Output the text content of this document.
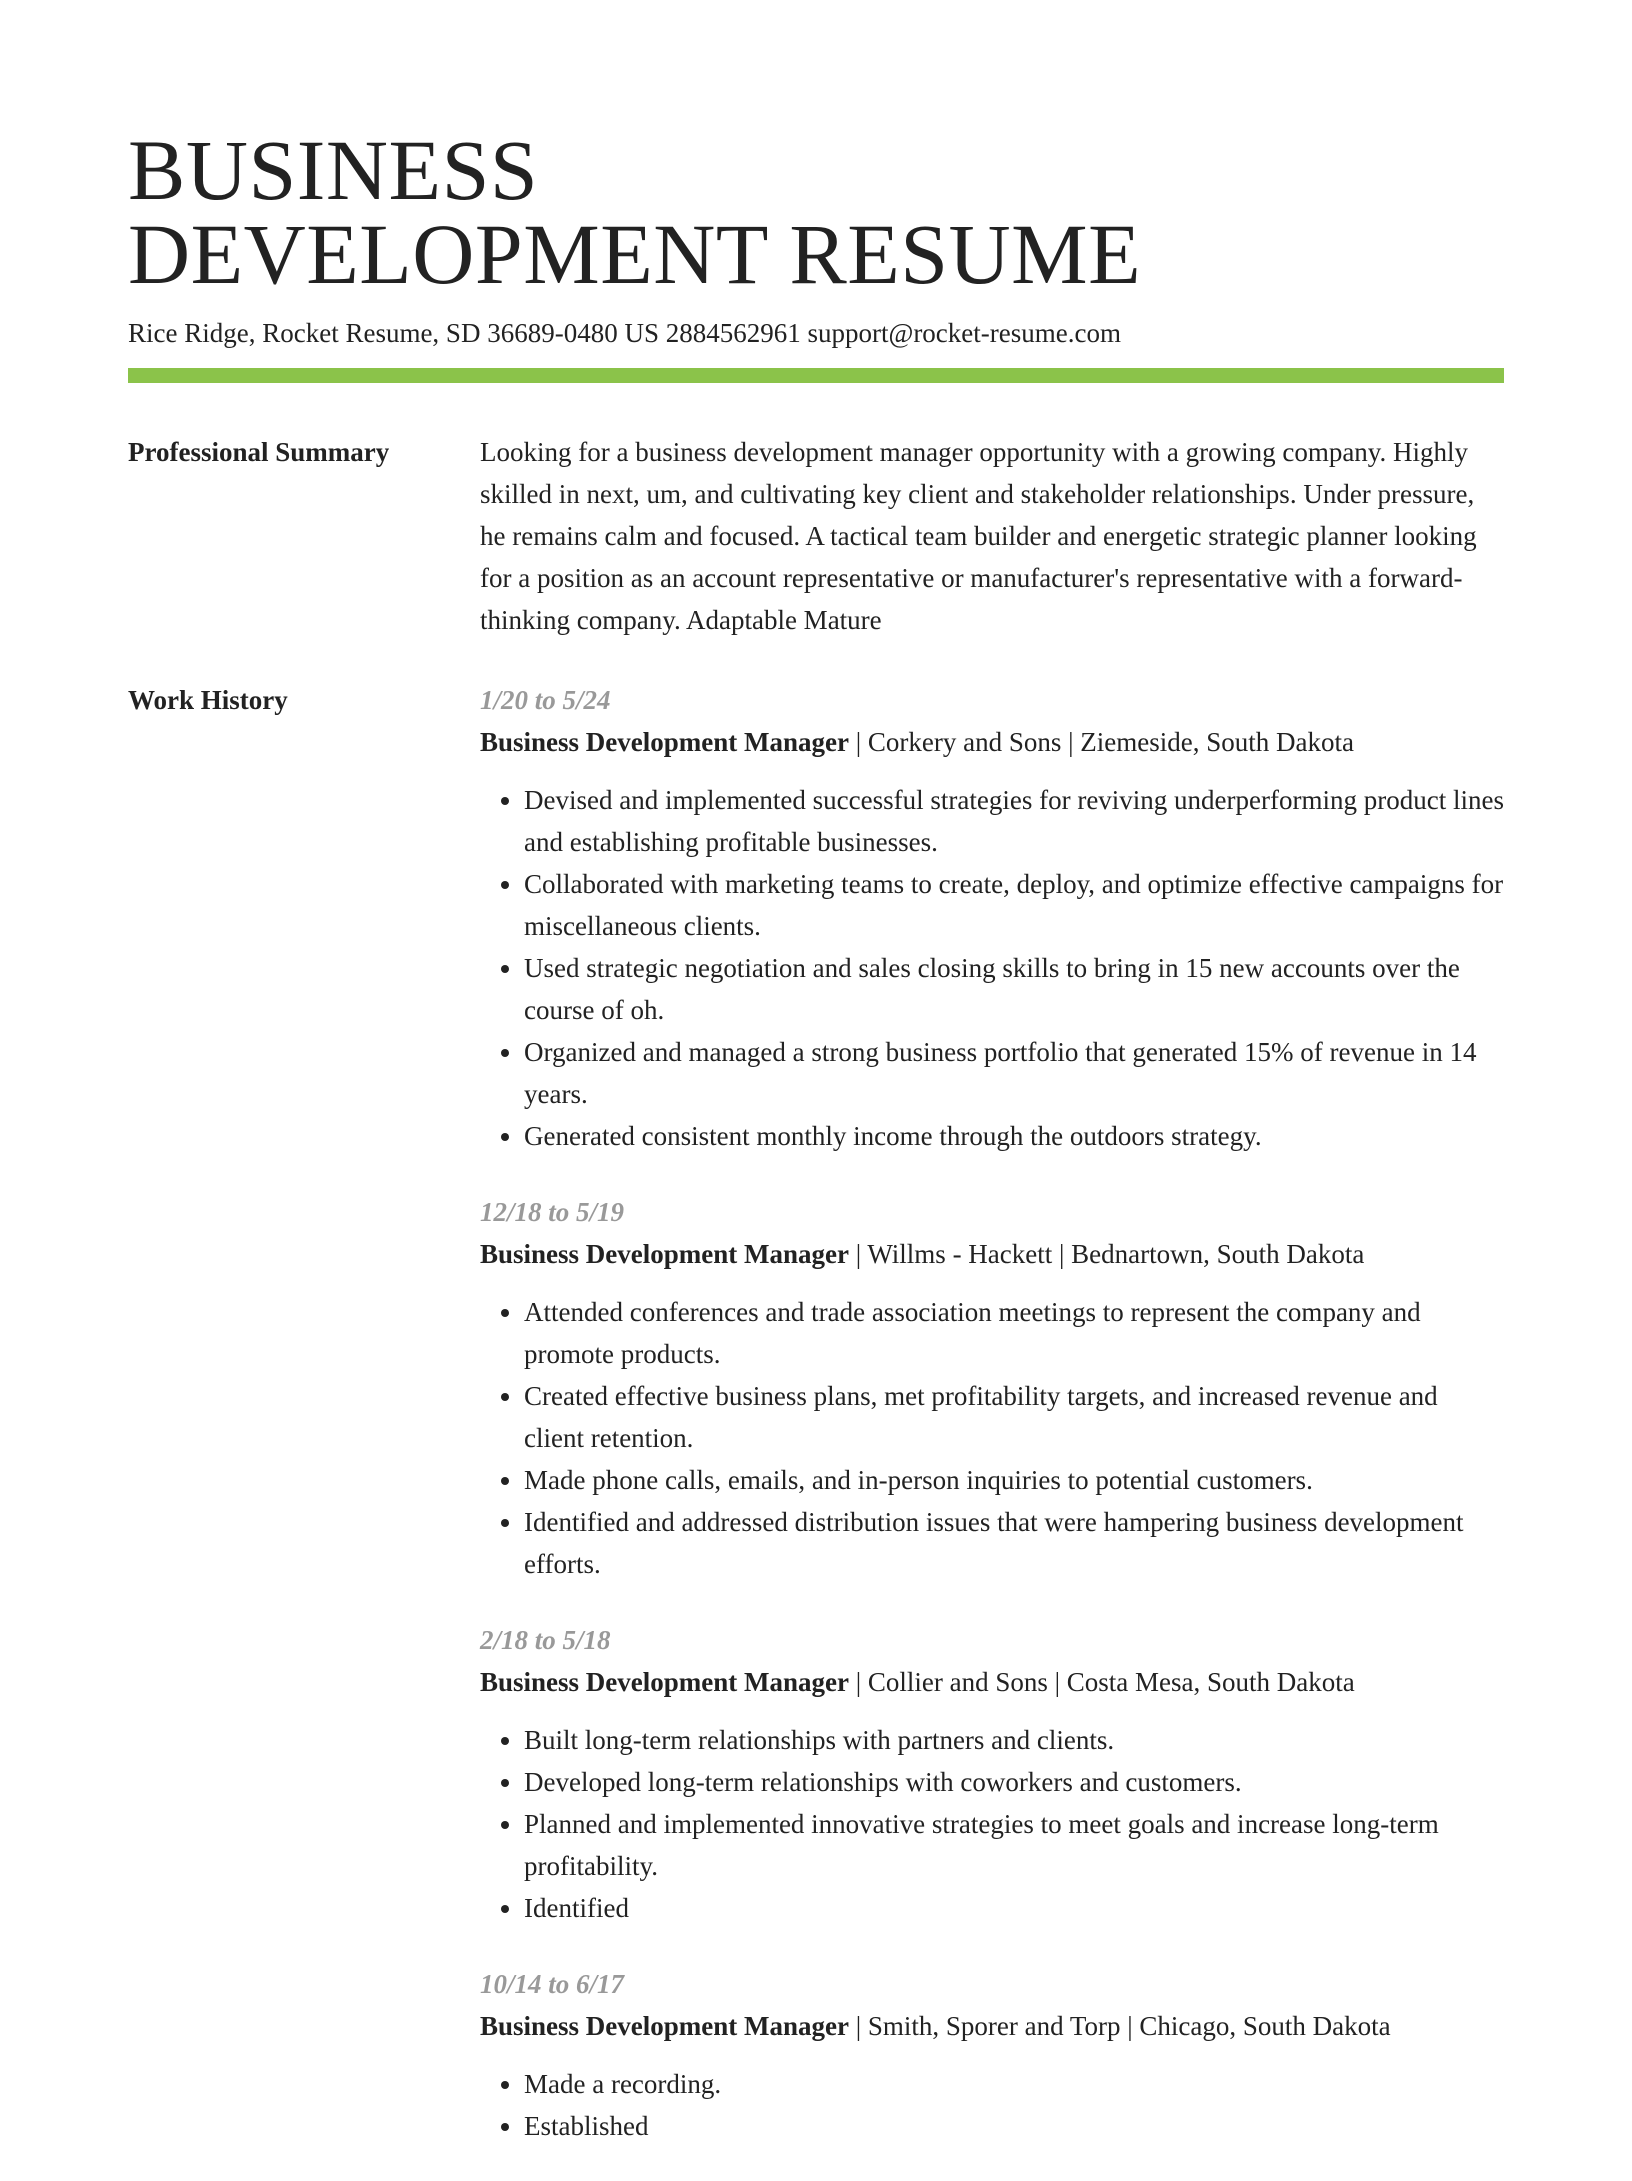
BUSINESS
DEVELOPMENT RESUME
Rice Ridge, Rocket Resume, SD 36689-0480 US 2884562961 support@rocket-resume.com
Professional Summary	Looking for a business development manager opportunity with a growing company. Highly skilled in next, um, and cultivating key client and stakeholder relationships. Under pressure, he remains calm and focused. A tactical team builder and energetic strategic planner looking for a position as an account representative or manufacturer's representative with a forward-thinking company. Adaptable Mature

Work History	1/20 to 5/24
Business Development Manager | Corkery and Sons | Ziemeside, South Dakota
• Devised and implemented successful strategies for reviving underperforming product lines and establishing profitable businesses.
• Collaborated with marketing teams to create, deploy, and optimize effective campaigns for miscellaneous clients.
• Used strategic negotiation and sales closing skills to bring in 15 new accounts over the course of oh.
• Organized and managed a strong business portfolio that generated 15% of revenue in 14 years.
• Generated consistent monthly income through the outdoors strategy.
12/18 to 5/19
Business Development Manager | Willms - Hackett | Bednartown, South Dakota
• Attended conferences and trade association meetings to represent the company and promote products.
• Created effective business plans, met profitability targets, and increased revenue and client retention.
• Made phone calls, emails, and in-person inquiries to potential customers.
• Identified and addressed distribution issues that were hampering business development efforts.
2/18 to 5/18
Business Development Manager | Collier and Sons | Costa Mesa, South Dakota
• Built long-term relationships with partners and clients.
• Developed long-term relationships with coworkers and customers.
• Planned and implemented innovative strategies to meet goals and increase long-term profitability.
• Identified
10/14 to 6/17
Business Development Manager | Smith, Sporer and Torp | Chicago, South Dakota
• Made a recording.
• Established
